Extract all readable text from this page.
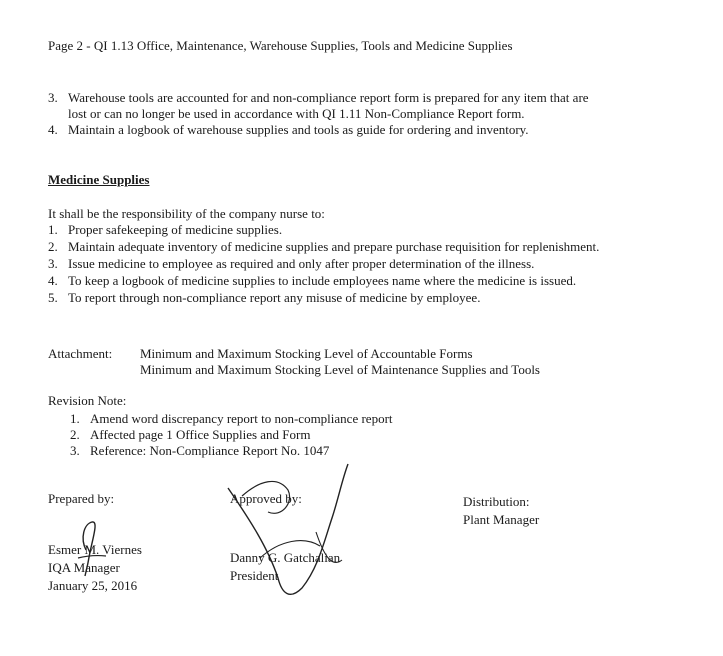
Page 2 - QI 1.13 Office, Maintenance, Warehouse Supplies, Tools and Medicine Supplies
3. Warehouse tools are accounted for and non-compliance report form is prepared for any item that are
lost or can no longer be used in accordance with QI 1.11 Non-Compliance Report form.
4. Maintain a logbook of warehouse supplies and tools as guide for ordering and inventory.
Medicine Supplies
It shall be the responsibility of the company nurse to:
1. Proper safekeeping of medicine supplies.
2. Maintain adequate inventory of medicine supplies and prepare purchase requisition for replenishment.
3. Issue medicine to employee as required and only after proper determination of the illness.
4. To keep a logbook of medicine supplies to include employees name where the medicine is issued.
5. To report through non-compliance report any misuse of medicine by employee.
Attachment: Minimum and Maximum Stocking Level of Accountable Forms
Minimum and Maximum Stocking Level of Maintenance Supplies and Tools
Revision Note:
1. Amend word discrepancy report to non-compliance report
2. Affected page 1 Office Supplies and Form
3. Reference: Non-Compliance Report No. 1047
Prepared by:
Esmer M. Viernes
IQA Manager
January 25, 2016
Approved by:
Danny G. Gatchalian
President
Distribution:
Plant Manager
